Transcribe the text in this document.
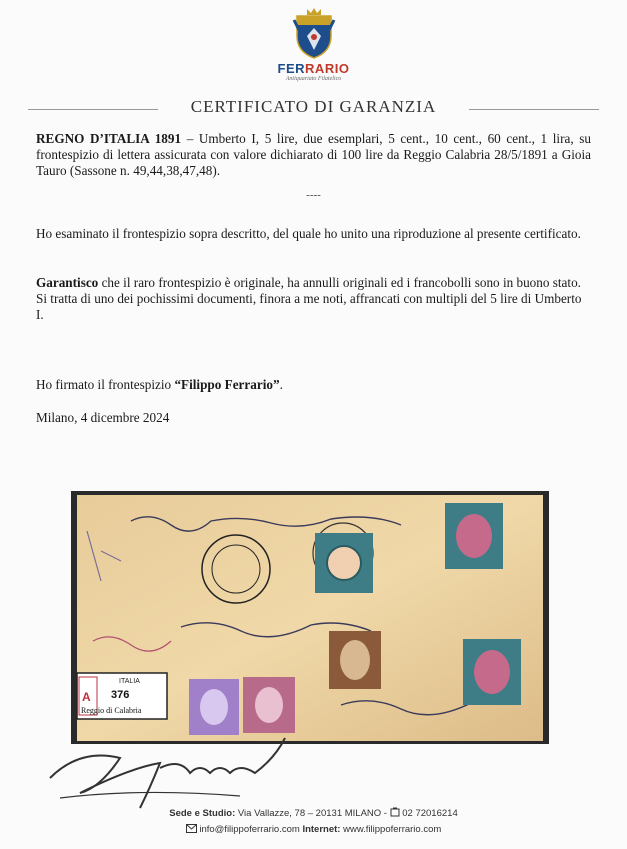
FERRARIO
Antiquariato Filatelico
CERTIFICATO DI GARANZIA
REGNO D’ITALIA 1891 – Umberto I, 5 lire, due esemplari, 5 cent., 10 cent., 60 cent., 1 lira, su frontespizio di lettera assicurata con valore dichiarato di 100 lire da Reggio Calabria 28/5/1891 a Gioia Tauro (Sassone n. 49,44,38,47,48).
----
Ho esaminato il frontespizio sopra descritto, del quale ho unito una riproduzione al presente certificato.
Garantisco che il raro frontespizio è originale, ha annulli originali ed i francobolli sono in buono stato.
Si tratta di uno dei pochissimi documenti, finora a me noti, affrancati con multipli del 5 lire di Umberto I.
Ho firmato il frontespizio “Filippo Ferrario”.
Milano, 4 dicembre 2024
A
ITALIA
376
Reggio di Calabria
Sede e Studio: Via Vallazze, 78 – 20131 MILANO -  02 72016214
info@filippoferrario.com Internet: www.filippoferrario.com
